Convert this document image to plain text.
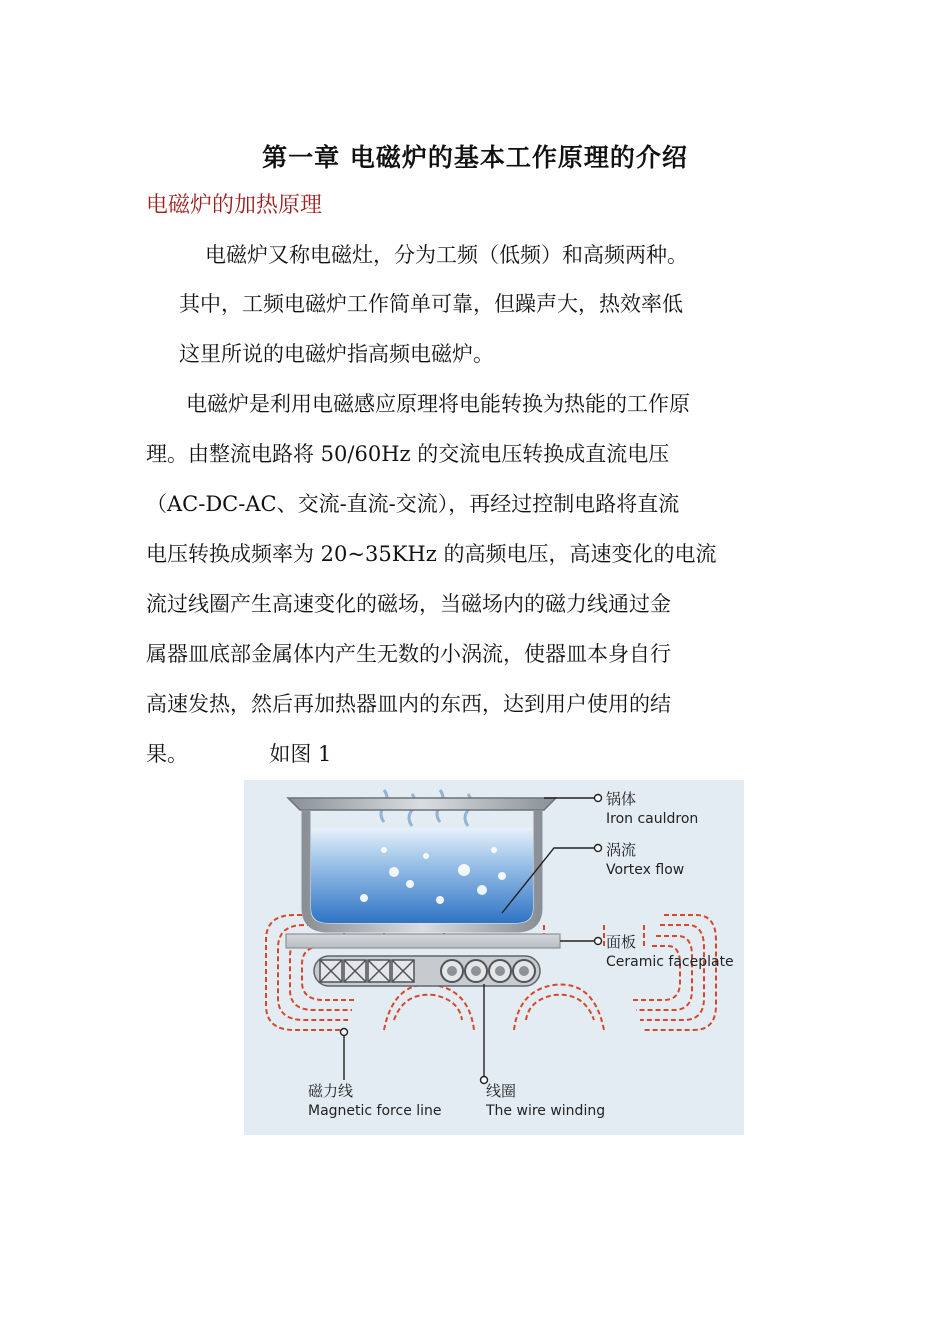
第一章 电磁炉的基本工作原理的介绍
电磁炉的加热原理
电磁炉又称电磁灶，分为工频（低频）和高频两种。
其中，工频电磁炉工作简单可靠，但躁声大，热效率低
这里所说的电磁炉指高频电磁炉。
电磁炉是利用电磁感应原理将电能转换为热能的工作原
理。由整流电路将 50/60Hz 的交流电压转换成直流电压
（AC-DC-AC、交流-直流-交流），再经过控制电路将直流
电压转换成频率为 20~35KHz 的高频电压，高速变化的电流
流过线圈产生高速变化的磁场，当磁场内的磁力线通过金
属器皿底部金属体内产生无数的小涡流，使器皿本身自行
高速发热，然后再加热器皿内的东西，达到用户使用的结
果。	如图 1
锅体
Iron cauldron
涡流
Vortex flow
面板
Ceramic faceplate
磁力线
Magnetic force line
线圈
The wire winding
